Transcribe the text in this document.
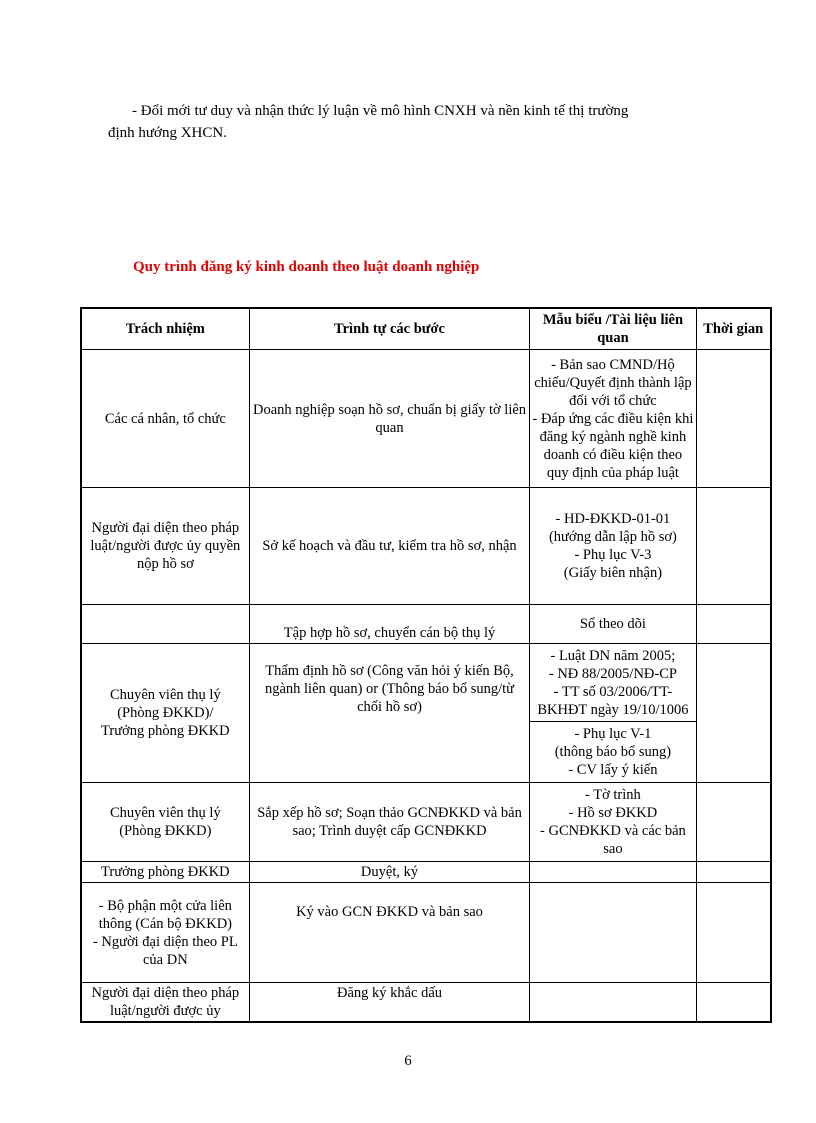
- Đổi mới tư duy và nhận thức lý luận về mô hình CNXH và nền kinh tế thị trường
định hướng XHCN.
Quy trình đăng ký kinh doanh theo luật doanh nghiệp
Trách nhiệm	Trình tự các bước	Mẫu biểu /Tài liệu liên quan	Thời gian
Các cá nhân, tổ chức	Doanh nghiệp soạn hồ sơ, chuẩn bị giấy tờ liên quan	- Bản sao CMND/Hộ chiếu/Quyết định thành lập đối với tổ chức
- Đáp ứng các điều kiện khi đăng ký ngành nghề kinh doanh có điều kiện theo quy định của pháp luật	
Người đại diện theo pháp luật/người được ủy quyền nộp hồ sơ	Sở kế hoạch và đầu tư, kiểm tra hồ sơ, nhận	- HD-ĐKKD-01-01
(hướng dẫn lập hồ sơ)
- Phụ lục V-3
(Giấy biên nhận)	
	Tập hợp hồ sơ, chuyển cán bộ thụ lý	Sổ theo dõi	
Chuyên viên thụ lý
(Phòng ĐKKD)/
Trưởng phòng ĐKKD	Thẩm định hồ sơ (Công văn hỏi ý kiến Bộ, ngành liên quan) or (Thông báo bổ sung/từ chối hồ sơ)	- Luật DN năm 2005;
- NĐ 88/2005/NĐ-CP
- TT số 03/2006/TT-BKHĐT ngày 19/10/1006	
		- Phụ lục V-1
(thông báo bổ sung)
- CV lấy ý kiến	
Chuyên viên thụ lý
(Phòng ĐKKD)	Sắp xếp hồ sơ; Soạn thảo GCNĐKKD và bản sao; Trình duyệt cấp GCNĐKKD	- Tờ trình
- Hồ sơ ĐKKD
- GCNĐKKD và các bản sao	
Trưởng phòng ĐKKD	Duyệt, ký		
- Bộ phận một cửa liên thông (Cán bộ ĐKKD)
- Người đại diện theo PL của DN	Ký vào GCN ĐKKD và bản sao		
Người đại diện theo pháp luật/người được ủy	Đăng ký khắc dấu		
6
